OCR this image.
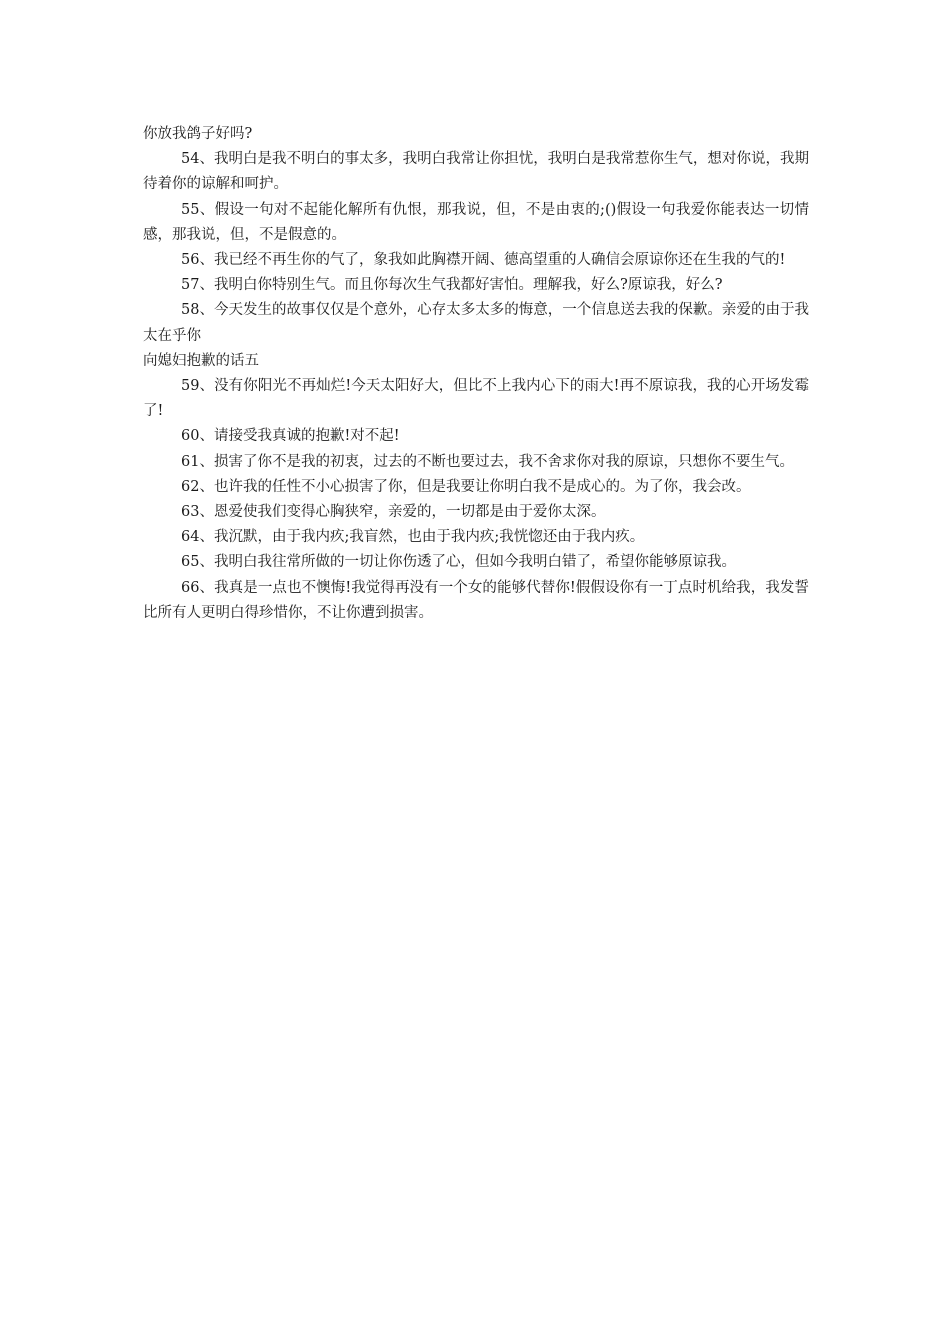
你放我鸽子好吗?

54、我明白是我不明白的事太多，我明白我常让你担忧，我明白是我常惹你生气，想对你说，我期待着你的谅解和呵护。

55、假设一句对不起能化解所有仇恨，那我说，但，不是由衷的;()假设一句我爱你能表达一切情感，那我说，但，不是假意的。

56、我已经不再生你的气了，象我如此胸襟开阔、德高望重的人确信会原谅你还在生我的气的!

57、我明白你特别生气。而且你每次生气我都好害怕。理解我，好么?原谅我，好么?

58、今天发生的故事仅仅是个意外，心存太多太多的悔意，一个信息送去我的保歉。亲爱的由于我太在乎你

向媳妇抱歉的话五

59、没有你阳光不再灿烂!今天太阳好大，但比不上我内心下的雨大!再不原谅我，我的心开场发霉了!

60、请接受我真诚的抱歉!对不起!

61、损害了你不是我的初衷，过去的不断也要过去，我不舍求你对我的原谅，只想你不要生气。

62、也许我的任性不小心损害了你，但是我要让你明白我不是成心的。为了你，我会改。

63、恩爱使我们变得心胸狭窄，亲爱的，一切都是由于爱你太深。

64、我沉默，由于我内疚;我盲然，也由于我内疚;我恍惚还由于我内疚。

65、我明白我往常所做的一切让你伤透了心，但如今我明白错了，希望你能够原谅我。

66、我真是一点也不懊悔!我觉得再没有一个女的能够代替你!假假设你有一丁点时机给我，我发誓比所有人更明白得珍惜你，不让你遭到损害。
